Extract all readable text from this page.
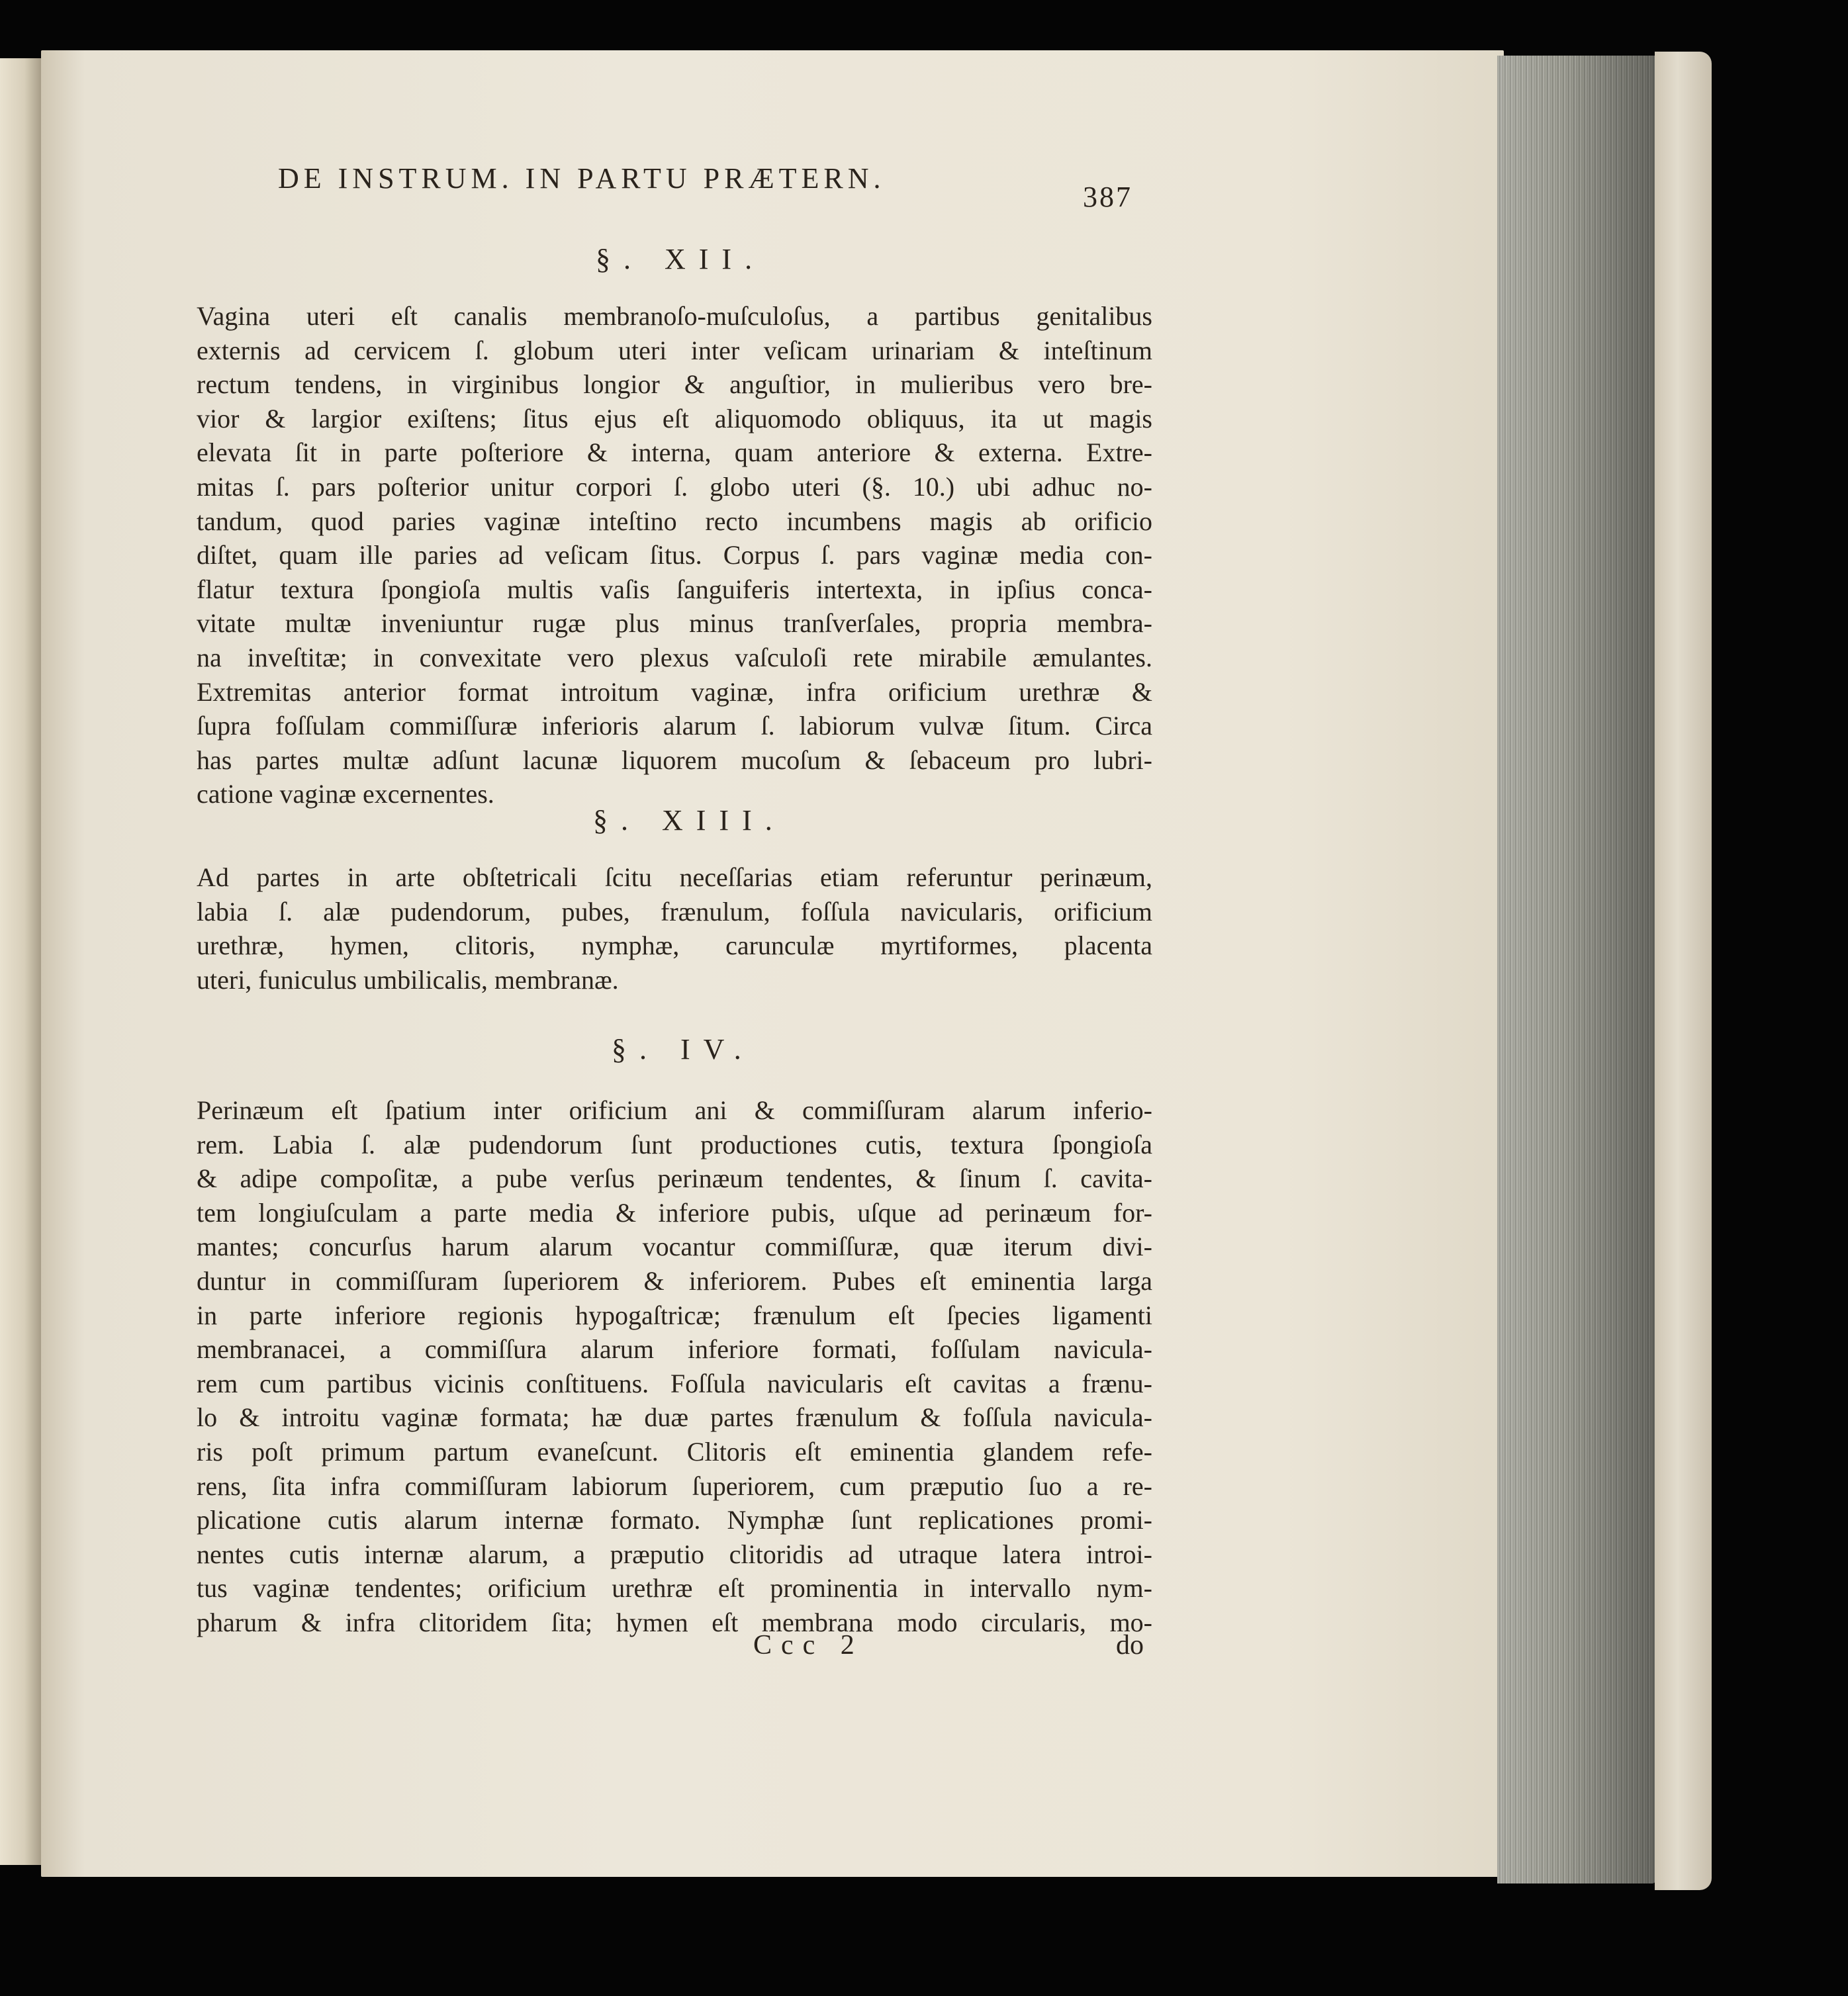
DE INSTRUM. IN PARTU PRÆTERN.
387
§. XII.
Vagina uteri eſt canalis membranoſo-muſculoſus, a partibus genitalibus
externis ad cervicem ſ. globum uteri inter veſicam urinariam & inteſtinum
rectum tendens, in virginibus longior & anguſtior, in mulieribus vero bre-
vior & largior exiſtens; ſitus ejus eſt aliquomodo obliquus, ita ut magis
elevata ſit in parte poſteriore & interna, quam anteriore & externa. Extre-
mitas ſ. pars poſterior unitur corpori ſ. globo uteri (§. 10.) ubi adhuc no-
tandum, quod paries vaginæ inteſtino recto incumbens magis ab orificio
diſtet, quam ille paries ad veſicam ſitus. Corpus ſ. pars vaginæ media con-
flatur textura ſpongioſa multis vaſis ſanguiferis intertexta, in ipſius conca-
vitate multæ inveniuntur rugæ plus minus tranſverſales, propria membra-
na inveſtitæ; in convexitate vero plexus vaſculoſi rete mirabile æmulantes.
Extremitas anterior format introitum vaginæ, infra orificium urethræ &
ſupra foſſulam commiſſuræ inferioris alarum ſ. labiorum vulvæ ſitum. Circa
has partes multæ adſunt lacunæ liquorem mucoſum & ſebaceum pro lubri-
catione vaginæ excernentes.
§. XIII.
Ad partes in arte obſtetricali ſcitu neceſſarias etiam referuntur perinæum,
labia ſ. alæ pudendorum, pubes, frænulum, foſſula navicularis, orificium
urethræ, hymen, clitoris, nymphæ, carunculæ myrtiformes, placenta
uteri, funiculus umbilicalis, membranæ.
§. IV.
Perinæum eſt ſpatium inter orificium ani & commiſſuram alarum inferio-
rem. Labia ſ. alæ pudendorum ſunt productiones cutis, textura ſpongioſa
& adipe compoſitæ, a pube verſus perinæum tendentes, & ſinum ſ. cavita-
tem longiuſculam a parte media & inferiore pubis, uſque ad perinæum for-
mantes; concurſus harum alarum vocantur commiſſuræ, quæ iterum divi-
duntur in commiſſuram ſuperiorem & inferiorem. Pubes eſt eminentia larga
in parte inferiore regionis hypogaſtricæ; frænulum eſt ſpecies ligamenti
membranacei, a commiſſura alarum inferiore formati, foſſulam navicula-
rem cum partibus vicinis conſtituens. Foſſula navicularis eſt cavitas a frænu-
lo & introitu vaginæ formata; hæ duæ partes frænulum & foſſula navicula-
ris poſt primum partum evaneſcunt. Clitoris eſt eminentia glandem refe-
rens, ſita infra commiſſuram labiorum ſuperiorem, cum præputio ſuo a re-
plicatione cutis alarum internæ formato. Nymphæ ſunt replicationes promi-
nentes cutis internæ alarum, a præputio clitoridis ad utraque latera introi-
tus vaginæ tendentes; orificium urethræ eſt prominentia in intervallo nym-
pharum & infra clitoridem ſita; hymen eſt membrana modo circularis, mo-
Ccc 2	do
